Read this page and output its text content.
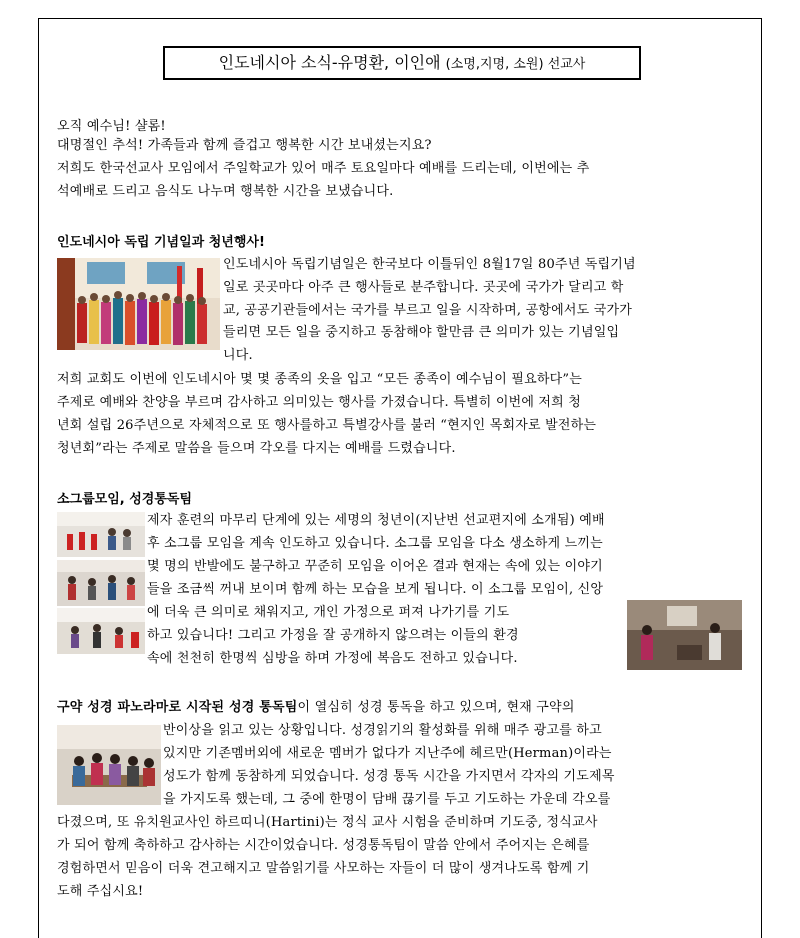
인도네시아 소식-유명환, 이인애 (소명,지명, 소원) 선교사
오직 예수님! 샬롬!
대명절인 추석! 가족들과 함께 즐겁고 행복한 시간 보내셨는지요?
저희도 한국선교사 모임에서 주일학교가 있어 매주 토요일마다 예배를 드리는데, 이번에는 추
석예배로 드리고 음식도 나누며 행복한 시간을 보냈습니다.
인도네시아 독립 기념일과 청년행사!
인도네시아 독립기념일은 한국보다 이틀뒤인 8월17일 80주년 독립기념
일로 곳곳마다 아주 큰 행사들로 분주합니다. 곳곳에 국가가 달리고 학
교, 공공기관들에서는 국가를 부르고 일을 시작하며, 공항에서도 국가가
들리면 모든 일을 중지하고 동참해야 할만큼 큰 의미가 있는 기념일입
니다.
저희 교회도 이번에 인도네시아 몇 몇 종족의 옷을 입고 “모든 종족이 예수님이 필요하다”는
주제로 예배와 찬양을 부르며 감사하고 의미있는 행사를 가졌습니다. 특별히 이번에 저희 청
년회 설립 26주년으로 자체적으로 또 행사를하고 특별강사를 불러 “현지인 목회자로 발전하는
청년회”라는 주제로 말씀을 들으며 각오를 다지는 예배를 드렸습니다.
소그룹모임, 성경통독팀
제자 훈련의 마무리 단계에 있는 세명의 청년이(지난번 선교편지에 소개됨) 예배
후 소그룹 모임을 계속 인도하고 있습니다. 소그룹 모임을 다소 생소하게 느끼는
몇 명의 반발에도 불구하고 꾸준히 모임을 이어온 결과 현재는 속에 있는 이야기
들을 조금씩 꺼내 보이며 함께 하는 모습을 보게 됩니다. 이 소그룹 모임이, 신앙
에 더욱 큰 의미로 채워지고, 개인 가정으로 퍼져 나가기를 기도
하고 있습니다! 그리고 가정을 잘 공개하지 않으려는 이들의 환경
속에 천천히 한명씩 심방을 하며 가정에 복음도 전하고 있습니다.
구약 성경 파노라마로 시작된 성경 통독팀이 열심히 성경 통독을 하고 있으며, 현재 구약의
반이상을 읽고 있는 상황입니다. 성경읽기의 활성화를 위해 매주 광고를 하고
있지만 기존멤버외에 새로운 멤버가 없다가 지난주에 헤르만(Herman)이라는
성도가 함께 동참하게 되었습니다. 성경 통독 시간을 가지면서 각자의 기도제목
을 가지도록 했는데, 그 중에 한명이 담배 끊기를 두고 기도하는 가운데 각오를
다졌으며, 또 유치원교사인 하르띠니(Hartini)는 정식 교사 시험을 준비하며 기도중, 정식교사
가 되어 함께 축하하고 감사하는 시간이었습니다. 성경통독팀이 말씀 안에서 주어지는 은혜를
경험하면서 믿음이 더욱 견고해지고 말씀읽기를 사모하는 자들이 더 많이 생겨나도록 함께 기
도해 주십시요!
